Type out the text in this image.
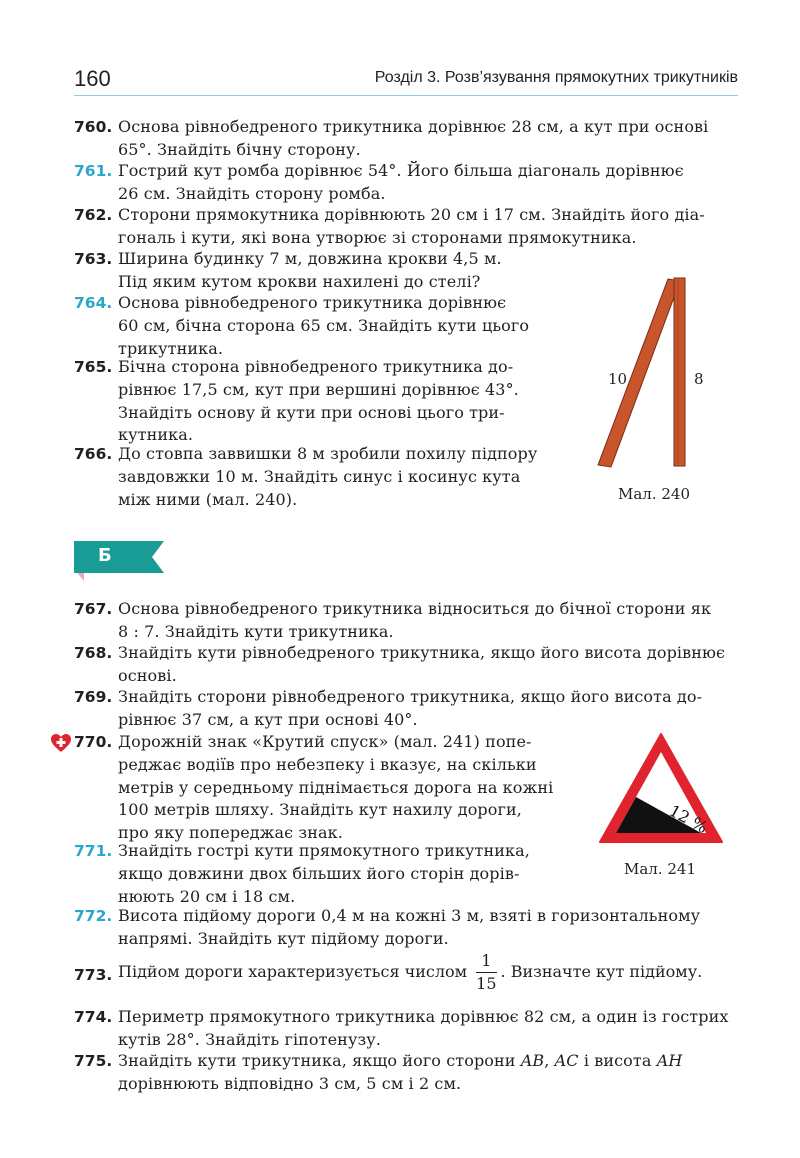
160	Розділ 3. Розв’язування прямокутних трикутників
760. Основа рівнобедреного трикутника дорівнює 28 см, а кут при основі
65°. Знайдіть бічну сторону.
761. Гострий кут ромба дорівнює 54°. Його більша діагональ дорівнює
26 см. Знайдіть сторону ромба.
762. Сторони прямокутника дорівнюють 20 см і 17 см. Знайдіть його діа-
гональ і кути, які вона утворює зі сторонами прямокутника.
763. Ширина будинку 7 м, довжина крокви 4,5 м.
Під яким кутом крокви нахилені до стелі?
764. Основа рівнобедреного трикутника дорівнює
60 см, бічна сторона 65 см. Знайдіть кути цього
трикутника.
765. Бічна сторона рівнобедреного трикутника до-
рівнює 17,5 см, кут при вершині дорівнює 43°.
Знайдіть основу й кути при основі цього три-
кутника.
766. До стовпа заввишки 8 м зробили похилу підпору
завдовжки 10 м. Знайдіть синус і косинус кута
між ними (мал. 240).
10	8
Мал. 240
Б
767. Основа рівнобедреного трикутника відноситься до бічної сторони як
8 : 7. Знайдіть кути трикутника.
768. Знайдіть кути рівнобедреного трикутника, якщо його висота дорівнює
основі.
769. Знайдіть сторони рівнобедреного трикутника, якщо його висота до-
рівнює 37 см, а кут при основі 40°.
770. Дорожній знак «Крутий спуск» (мал. 241) попе-
реджає водіїв про небезпеку і вказує, на скільки
метрів у середньому піднімається дорога на кожні
100 метрів шляху. Знайдіть кут нахилу дороги,
про яку попереджає знак.
771. Знайдіть гострі кути прямокутного трикутника,
якщо довжини двох більших його сторін дорів-
нюють 20 см і 18 см.
12 %
Мал. 241
772. Висота підйому дороги 0,4 м на кожні 3 м, взяті в горизонтальному
напрямі. Знайдіть кут підйому дороги.
773. Підйом дороги характеризується числом $\frac{1}{15}$ . Визначте кут підйому.
774. Периметр прямокутного трикутника дорівнює 82 см, а один із гострих
кутів 28°. Знайдіть гіпотенузу.
775. Знайдіть кути трикутника, якщо його сторони AB, AC і висота AH
дорівнюють відповідно 3 см, 5 см і 2 см.
